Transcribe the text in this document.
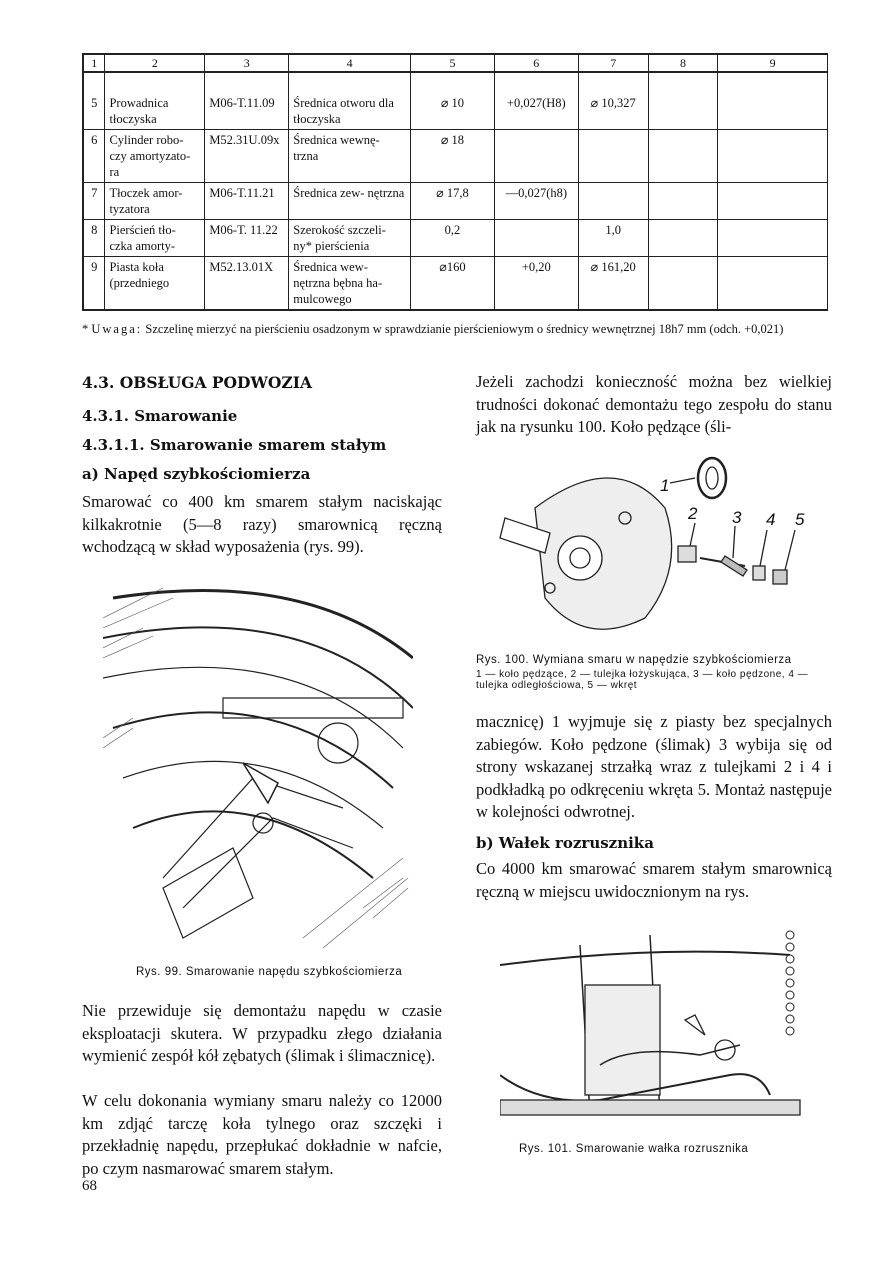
1	2	3	4	5	6	7	8	9

5	Prowadnica tłoczyska	M06-T.11.09	Średnica otworu dla tłoczyska	⌀ 10	+0,027(H8)	⌀ 10,327		
6	Cylinder robo- czy amortyzato- ra	M52.31U.09x	Średnica wewnę- trzna	⌀ 18				
7	Tłoczek amor- tyzatora	M06-T.11.21	Średnica zew- nętrzna	⌀ 17,8	—0,027(h8)			
8	Pierścień tło- czka amorty-	M06-T. 11.22	Szerokość szczeli- ny* pierścienia	0,2		1,0		
9	Piasta koła (przedniego	M52.13.01X	Średnica wew- nętrzna bębna ha- mulcowego	⌀160	+0,20	⌀ 161,20		
* Uwaga: Szczelinę mierzyć na pierścieniu osadzonym w sprawdzianie pierścieniowym o średnicy wewnętrznej 18h7 mm (odch. +0,021)
4.3. OBSŁUGA PODWOZIA
4.3.1. Smarowanie
4.3.1.1. Smarowanie smarem stałym
a) Napęd szybkościomierza
Smarować co 400 km smarem stałym naciskając kilkakrotnie (5—8 razy) smarownicą ręczną wchodzącą w skład wyposażenia (rys. 99).
Rys. 99. Smarowanie napędu szybkościomierza
Nie przewiduje się demontażu napędu w czasie eksploatacji skutera. W przypadku złego działania wymienić zespół kół zębatych (ślimak i ślimacznicę).
W celu dokonania wymiany smaru należy co 12000 km zdjąć tarczę koła tylnego oraz szczęki i przekładnię napędu, przepłukać dokładnie w nafcie, po czym nasmarować smarem stałym.
Jeżeli zachodzi konieczność można bez wielkiej trudności dokonać demontażu tego zespołu do stanu jak na rysunku 100. Koło pędzące (śli-
1
2 3 4 5
Rys. 100. Wymiana smaru w napędzie szybkościomierza
1 — koło pędzące, 2 — tulejka łożyskująca, 3 — koło pędzone, 4 — tulejka odległościowa, 5 — wkręt
macznicę) 1 wyjmuje się z piasty bez specjalnych zabiegów. Koło pędzone (ślimak) 3 wybija się od strony wskazanej strzałką wraz z tulejkami 2 i 4 i podkładką po odkręceniu wkręta 5. Montaż następuje w kolejności odwrotnej.
b) Wałek rozrusznika
Co 4000 km smarować smarem stałym smarownicą ręczną w miejscu uwidocznionym na rys.
Rys. 101. Smarowanie wałka rozrusznika
68
